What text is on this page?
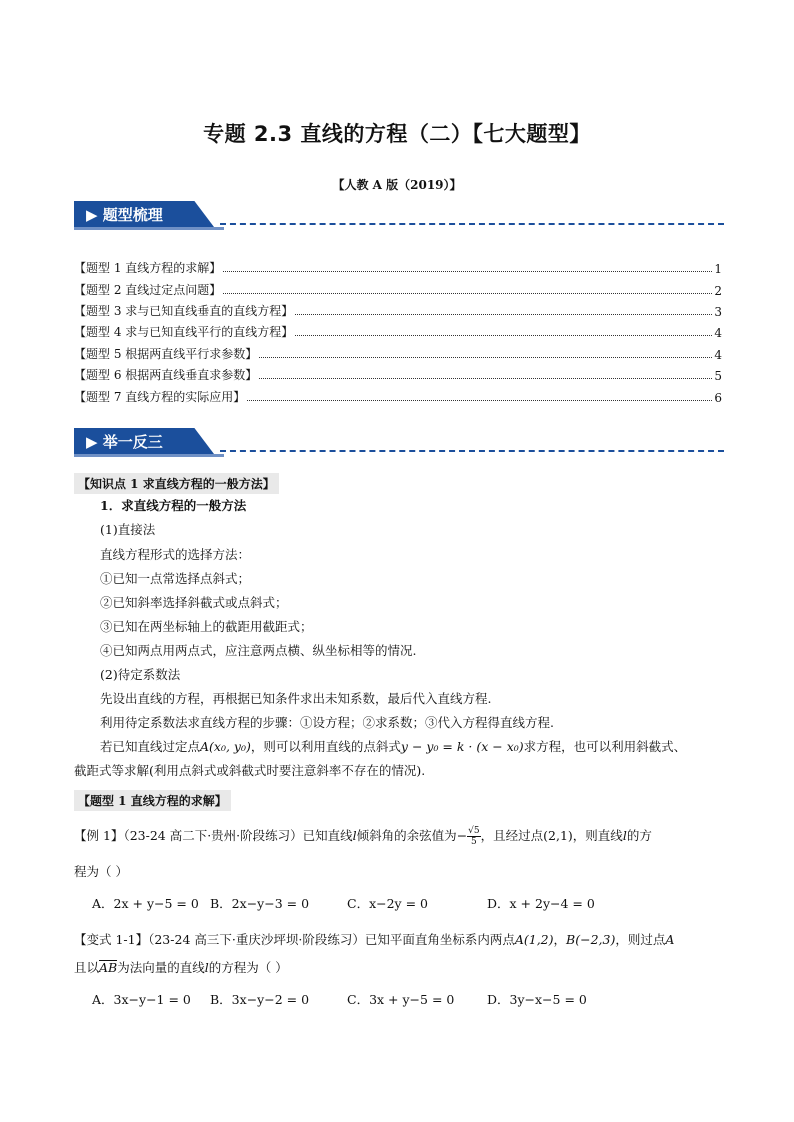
专题 2.3 直线的方程（二）【七大题型】
【人教 A 版（2019）】
▶ 题型梳理
【题型 1 直线方程的求解】	1
【题型 2 直线过定点问题】	2
【题型 3 求与已知直线垂直的直线方程】	3
【题型 4 求与已知直线平行的直线方程】	4
【题型 5 根据两直线平行求参数】	4
【题型 6 根据两直线垂直求参数】	5
【题型 7 直线方程的实际应用】	6
▶ 举一反三
【知识点 1 求直线方程的一般方法】
1．求直线方程的一般方法
(1)直接法
直线方程形式的选择方法：
①已知一点常选择点斜式；
②已知斜率选择斜截式或点斜式；
③已知在两坐标轴上的截距用截距式；
④已知两点用两点式，应注意两点横、纵坐标相等的情况.
(2)待定系数法
先设出直线的方程，再根据已知条件求出未知系数，最后代入直线方程.
利用待定系数法求直线方程的步骤：①设方程；②求系数；③代入方程得直线方程.
若已知直线过定点A(x₀, y₀)，则可以利用直线的点斜式y − y₀ = k · (x − x₀)求方程，也可以利用斜截式、
截距式等求解(利用点斜式或斜截式时要注意斜率不存在的情况).
【题型 1 直线方程的求解】
【例 1】（23-24 高二下·贵州·阶段练习）已知直线l倾斜角的余弦值为− $\frac{√5}{5}$ ，且经过点(2,1)，则直线l的方
程为（ ）
A．2x + y−5 = 0 B．2x−y−3 = 0	C．x−2y = 0	D．x + 2y−4 = 0
【变式 1-1】（23-24 高三下·重庆沙坪坝·阶段练习）已知平面直角坐标系内两点A(1,2)，B(−2,3)，则过点A
且以AB为法向量的直线l的方程为（ ）
A．3x−y−1 = 0 B．3x−y−2 = 0	C．3x + y−5 = 0	D．3y−x−5 = 0
